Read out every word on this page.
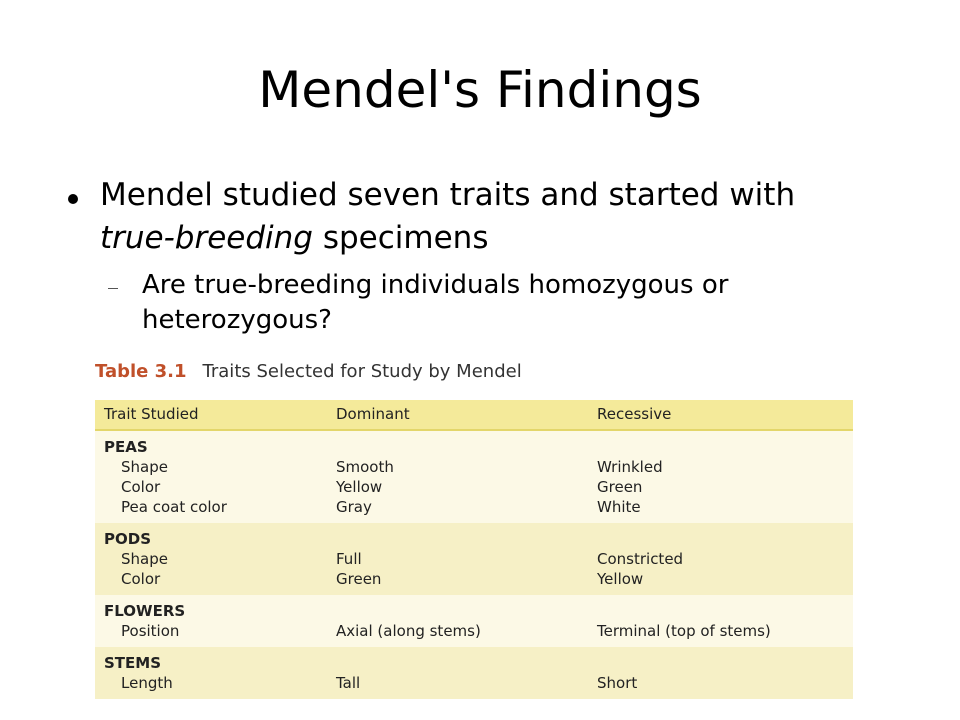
Mendel's Findings
Mendel studied seven traits and started with true-breeding specimens
Are true-breeding individuals homozygous or heterozygous?
Table 3.1 Traits Selected for Study by Mendel
Trait Studied	Dominant	Recessive
PEAS
Shape	Smooth	Wrinkled
Color	Yellow	Green
Pea coat color	Gray	White
PODS
Shape	Full	Constricted
Color	Green	Yellow
FLOWERS
Position	Axial (along stems)	Terminal (top of stems)
STEMS
Length	Tall	Short
